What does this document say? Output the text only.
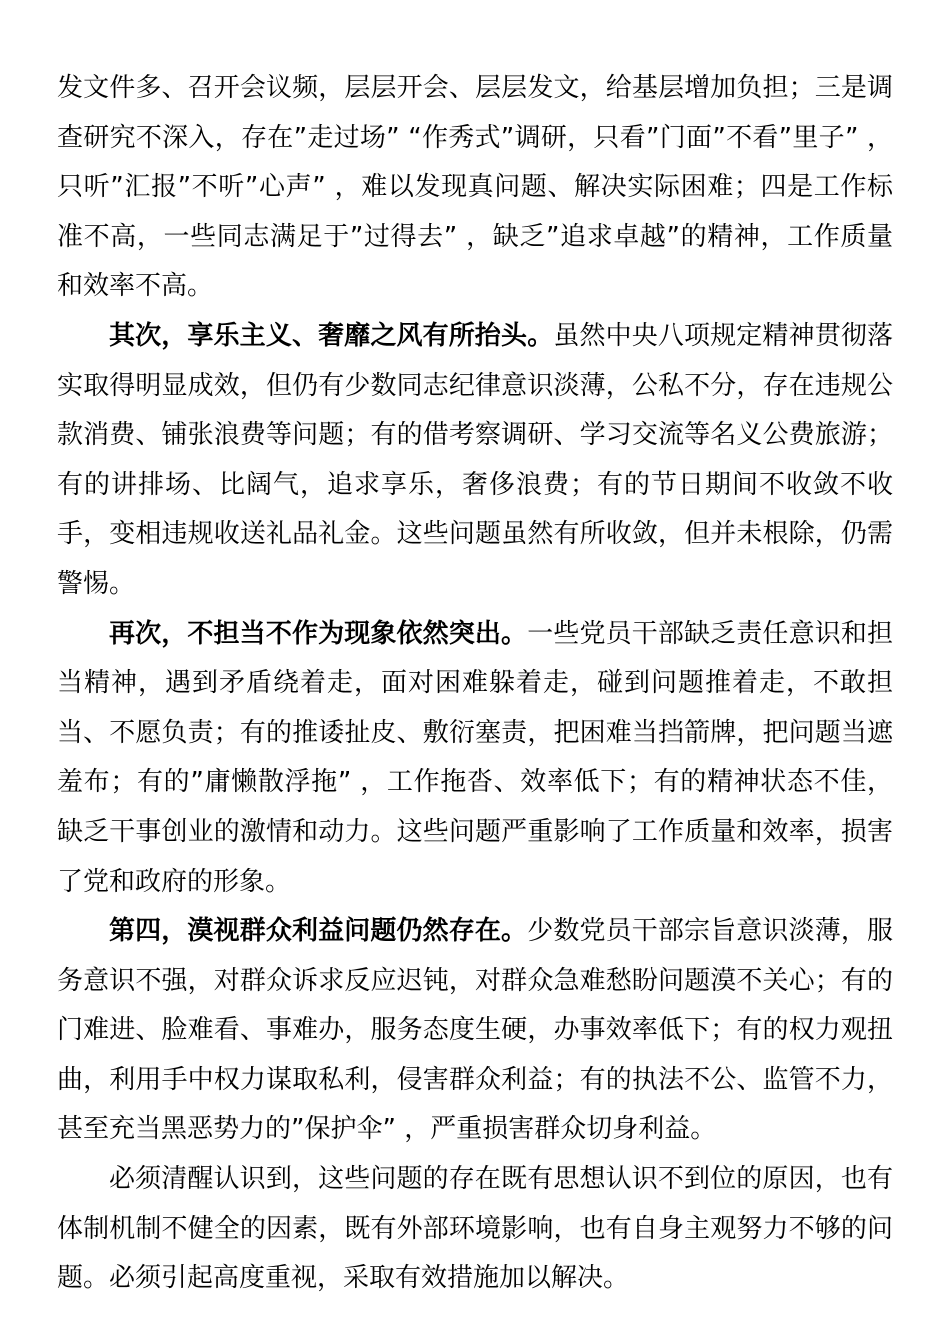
发文件多、召开会议频，层层开会、层层发文，给基层增加负担；三是调查研究不深入，存在”走过场” “作秀式”调研，只看”门面”不看”里子” ，只听”汇报”不听”心声” ，难以发现真问题、解决实际困难；四是工作标准不高，一些同志满足于”过得去” ，缺乏”追求卓越”的精神，工作质量和效率不高。

其次，享乐主义、奢靡之风有所抬头。虽然中央八项规定精神贯彻落实取得明显成效，但仍有少数同志纪律意识淡薄，公私不分，存在违规公款消费、铺张浪费等问题；有的借考察调研、学习交流等名义公费旅游；有的讲排场、比阔气，追求享乐，奢侈浪费；有的节日期间不收敛不收手，变相违规收送礼品礼金。这些问题虽然有所收敛，但并未根除，仍需警惕。

再次，不担当不作为现象依然突出。一些党员干部缺乏责任意识和担当精神，遇到矛盾绕着走，面对困难躲着走，碰到问题推着走，不敢担当、不愿负责；有的推诿扯皮、敷衍塞责，把困难当挡箭牌，把问题当遮羞布；有的”庸懒散浮拖” ，工作拖沓、效率低下；有的精神状态不佳，缺乏干事创业的激情和动力。这些问题严重影响了工作质量和效率，损害了党和政府的形象。

第四，漠视群众利益问题仍然存在。少数党员干部宗旨意识淡薄，服务意识不强，对群众诉求反应迟钝，对群众急难愁盼问题漠不关心；有的门难进、脸难看、事难办，服务态度生硬，办事效率低下；有的权力观扭曲，利用手中权力谋取私利，侵害群众利益；有的执法不公、监管不力，甚至充当黑恶势力的”保护伞” ，严重损害群众切身利益。

必须清醒认识到，这些问题的存在既有思想认识不到位的原因，也有体制机制不健全的因素，既有外部环境影响，也有自身主观努力不够的问题。必须引起高度重视，采取有效措施加以解决。
